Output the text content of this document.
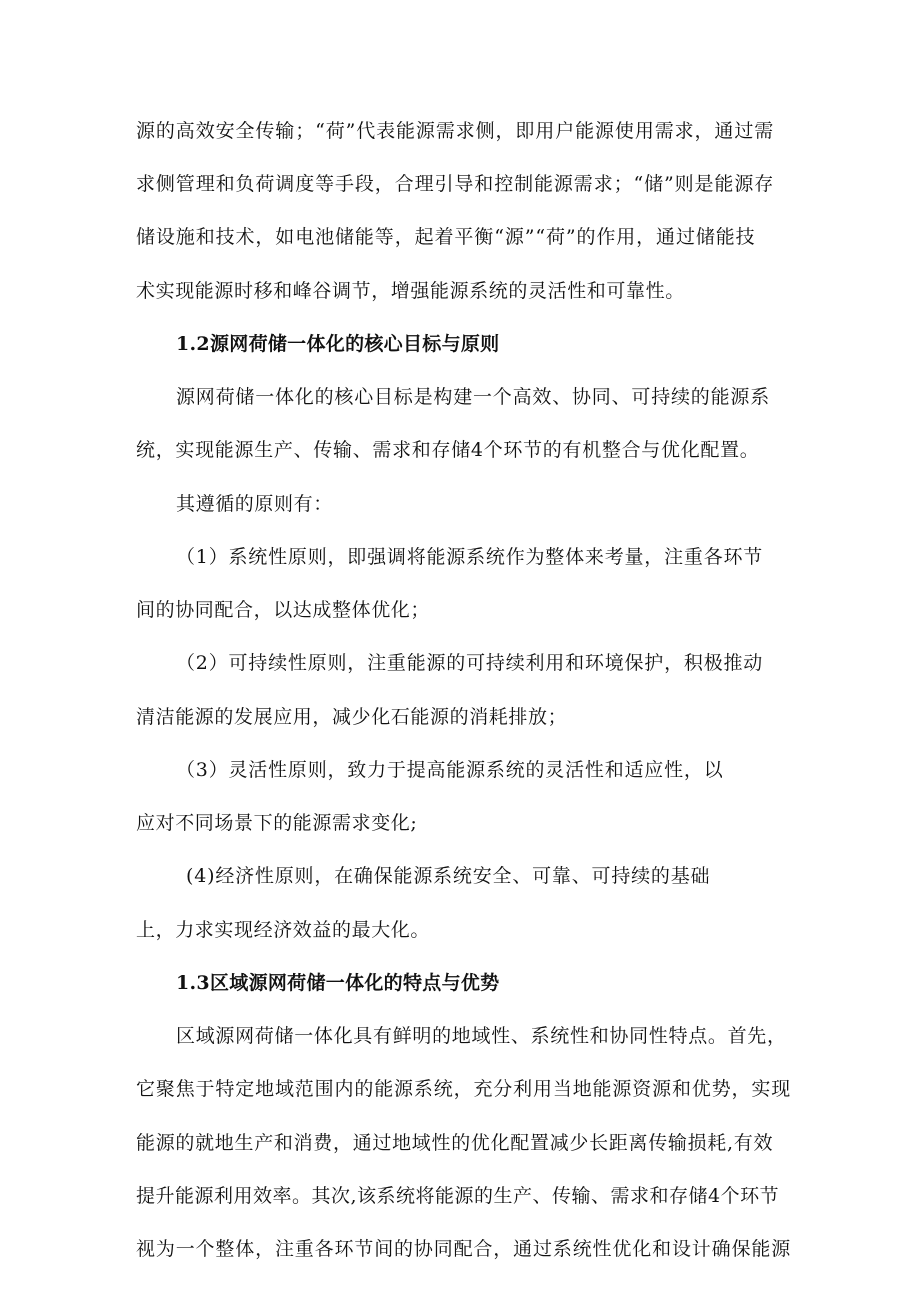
源的高效安全传输；“荷”代表能源需求侧，即用户能源使用需求，通过需

求侧管理和负荷调度等手段，合理引导和控制能源需求；“储”则是能源存

储设施和技术，如电池储能等，起着平衡“源”“荷”的作用，通过储能技

术实现能源时移和峰谷调节，增强能源系统的灵活性和可靠性。

1.2源网荷储一体化的核心目标与原则

源网荷储一体化的核心目标是构建一个高效、协同、可持续的能源系

统，实现能源生产、传输、需求和存储4个环节的有机整合与优化配置。

其遵循的原则有：

（1）系统性原则，即强调将能源系统作为整体来考量，注重各环节

间的协同配合，以达成整体优化；

（2）可持续性原则，注重能源的可持续利用和环境保护，积极推动

清洁能源的发展应用，减少化石能源的消耗排放；

（3）灵活性原则，致力于提高能源系统的灵活性和适应性，以

应对不同场景下的能源需求变化;

(4)经济性原则，在确保能源系统安全、可靠、可持续的基础

上，力求实现经济效益的最大化。

1.3区域源网荷储一体化的特点与优势

区域源网荷储一体化具有鲜明的地域性、系统性和协同性特点。首先，

它聚焦于特定地域范围内的能源系统，充分利用当地能源资源和优势，实现

能源的就地生产和消费，通过地域性的优化配置减少长距离传输损耗,有效

提升能源利用效率。其次,该系统将能源的生产、传输、需求和存储4个环节

视为一个整体，注重各环节间的协同配合，通过系统性优化和设计确保能源
